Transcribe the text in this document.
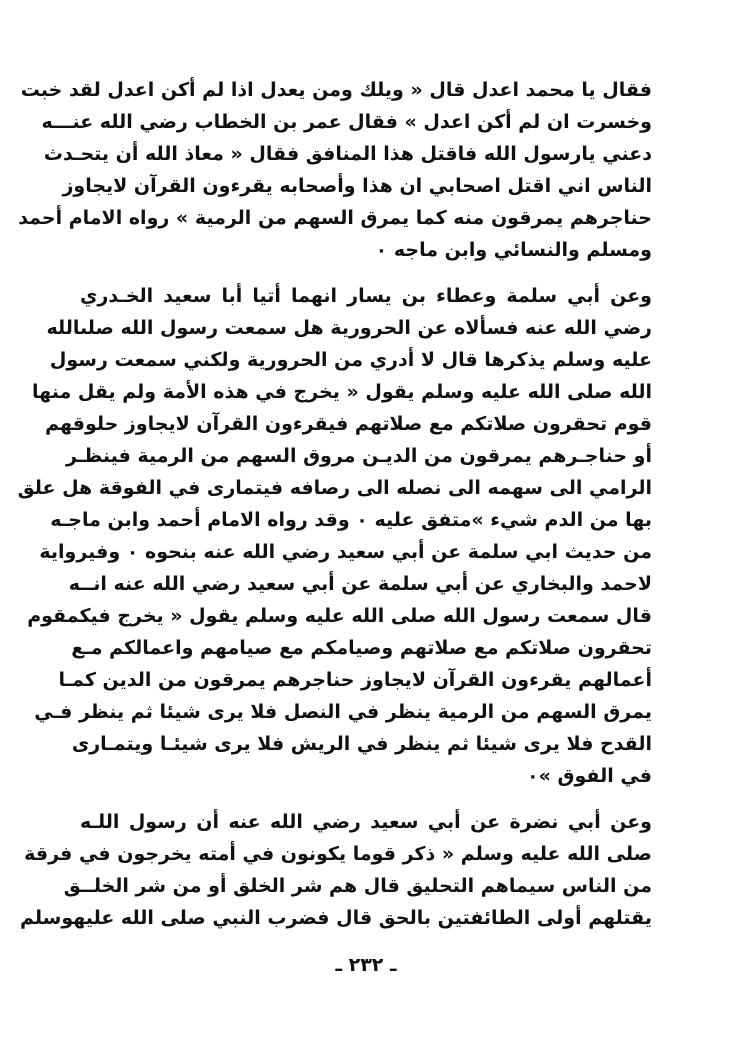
فقال يا محمد اعدل قال « ويلك ومن يعدل اذا لم أكن اعدل لقد خبت
وخسرت ان لم أكن اعدل » فقال عمر بن الخطاب رضي الله عنـــه
دعني يارسول الله فاقتل هذا المنافق فقال « معاذ الله أن يتحـدث
الناس اني اقتل اصحابي ان هذا وأصحابه يقرءون القرآن لايجاوز
حناجرهم يمرقون منه كما يمرق السهم من الرمية » رواه الامام أحمد
ومسلم والنسائي وابن ماجه ٠
وعن أبي سلمة وعطاء بن يسار انهما أتيا أبا سعيد الخـدري
رضي الله عنه فسألاه عن الحرورية هل سمعت رسول الله صلىالله
عليه وسلم يذكرها قال لا أدري من الحرورية ولكني سمعت رسول
الله صلى الله عليه وسلم يقول « يخرج في هذه الأمة ولم يقل منها
قوم تحقرون صلاتكم مع صلاتهم فيقرءون القرآن لايجاوز حلوقهم
أو حناجـرهم يمرقون من الديـن مروق السهم من الرمية فينظـر
الرامي الى سهمه الى نصله الى رصافه فيتمارى في الفوقة هل علق
بها من الدم شيء »متفق عليه ٠ وقد رواه الامام أحمد وابن ماجـه
من حديث ابي سلمة عن أبي سعيد رضي الله عنه بنحوه ٠ وفيرواية
لاحمد والبخاري عن أبي سلمة عن أبي سعيد رضي الله عنه انــه
قال سمعت رسول الله صلى الله عليه وسلم يقول « يخرج فيكمقوم
تحقرون صلاتكم مع صلاتهم وصيامكم مع صيامهم واعمالكم مـع
أعمالهم يقرءون القرآن لايجاوز حناجرهم يمرقون من الدين كمـا
يمرق السهم من الرمية ينظر في النصل فلا يرى شيئا ثم ينظر فـي
القدح فلا يرى شيئا ثم ينظر في الريش فلا يرى شيئـا ويتمـارى
في الفوق »٠
وعن أبي نضرة عن أبي سعيد رضي الله عنه أن رسول اللـه
صلى الله عليه وسلم « ذكر قوما يكونون في أمته يخرجون في فرقة
من الناس سيماهم التحليق قال هم شر الخلق أو من شر الخلــق
يقتلهم أولى الطائفتين بالحق قال فضرب النبي صلى الله عليهوسلم
ـ ٢٣٢ ـ
